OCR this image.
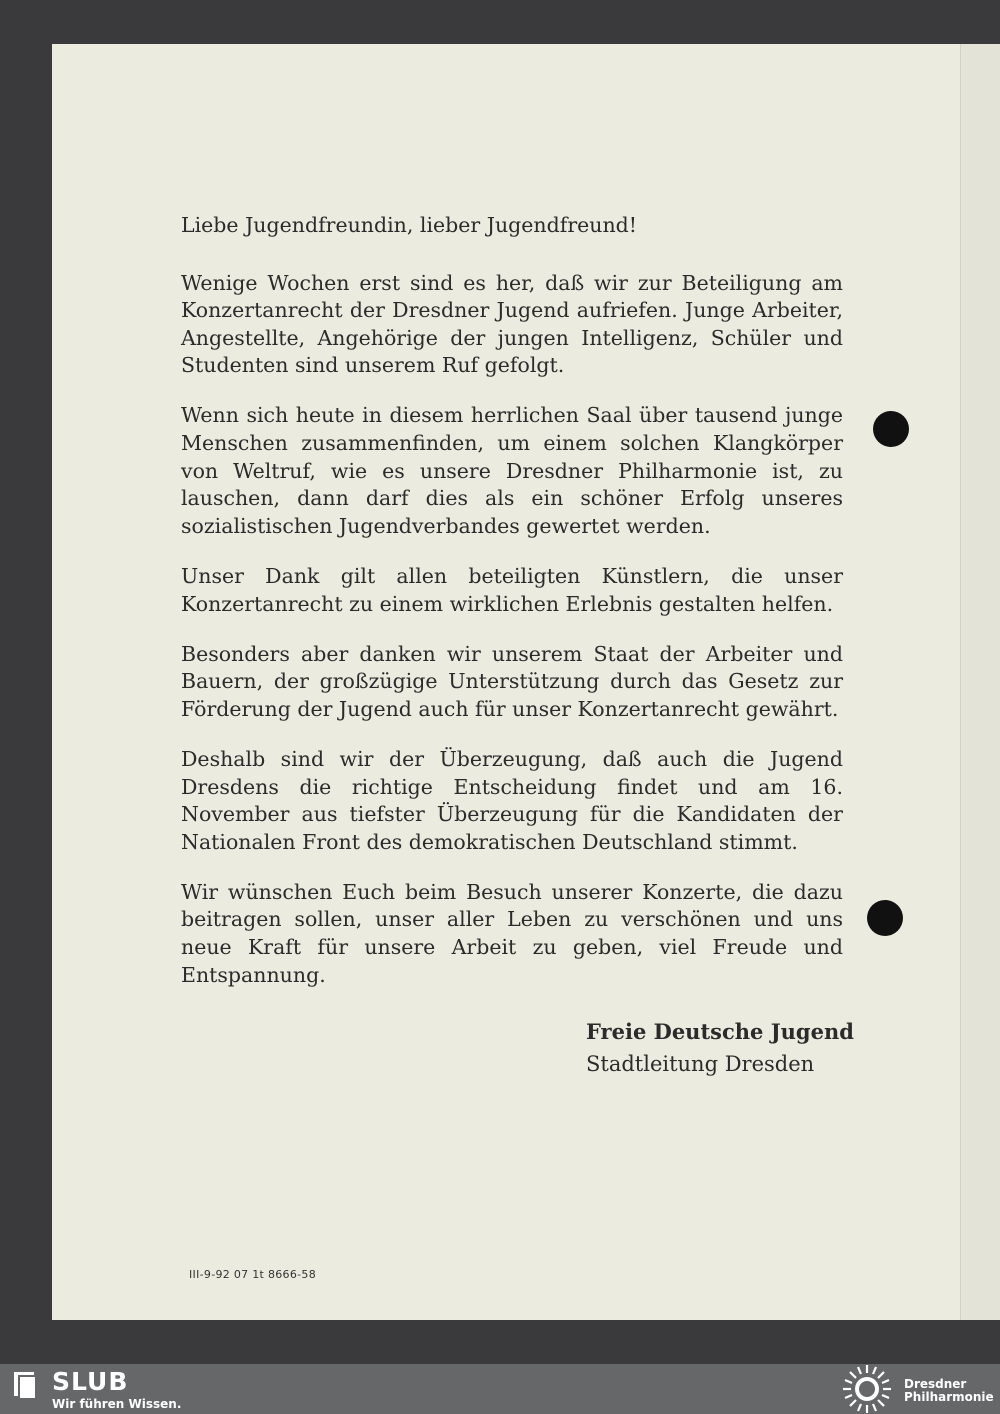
Liebe Jugendfreundin, lieber Jugendfreund!

Wenige Wochen erst sind es her, daß wir zur Beteiligung am Konzertanrecht der Dresdner Jugend aufriefen. Junge Arbeiter, Angestellte, Angehörige der jungen Intelligenz, Schüler und Studenten sind unserem Ruf gefolgt.

Wenn sich heute in diesem herrlichen Saal über tausend junge Menschen zusammenfinden, um einem solchen Klangkörper von Weltruf, wie es unsere Dresdner Philharmonie ist, zu lauschen, dann darf dies als ein schöner Erfolg unseres sozialistischen Jugendverbandes gewertet werden.

Unser Dank gilt allen beteiligten Künstlern, die unser Konzertanrecht zu einem wirklichen Erlebnis gestalten helfen.

Besonders aber danken wir unserem Staat der Arbeiter und Bauern, der großzügige Unterstützung durch das Gesetz zur Förderung der Jugend auch für unser Konzertanrecht gewährt.

Deshalb sind wir der Überzeugung, daß auch die Jugend Dresdens die richtige Entscheidung findet und am 16. November aus tiefster Überzeugung für die Kandidaten der Nationalen Front des demokratischen Deutschland stimmt.

Wir wünschen Euch beim Besuch unserer Konzerte, die dazu beitragen sollen, unser aller Leben zu verschönen und uns neue Kraft für unsere Arbeit zu geben, viel Freude und Entspannung.

Freie Deutsche Jugend
Stadtleitung Dresden
III-9-92 07 1t 8666-58
SLUB
Wir führen Wissen.
Dresdner
Philharmonie
